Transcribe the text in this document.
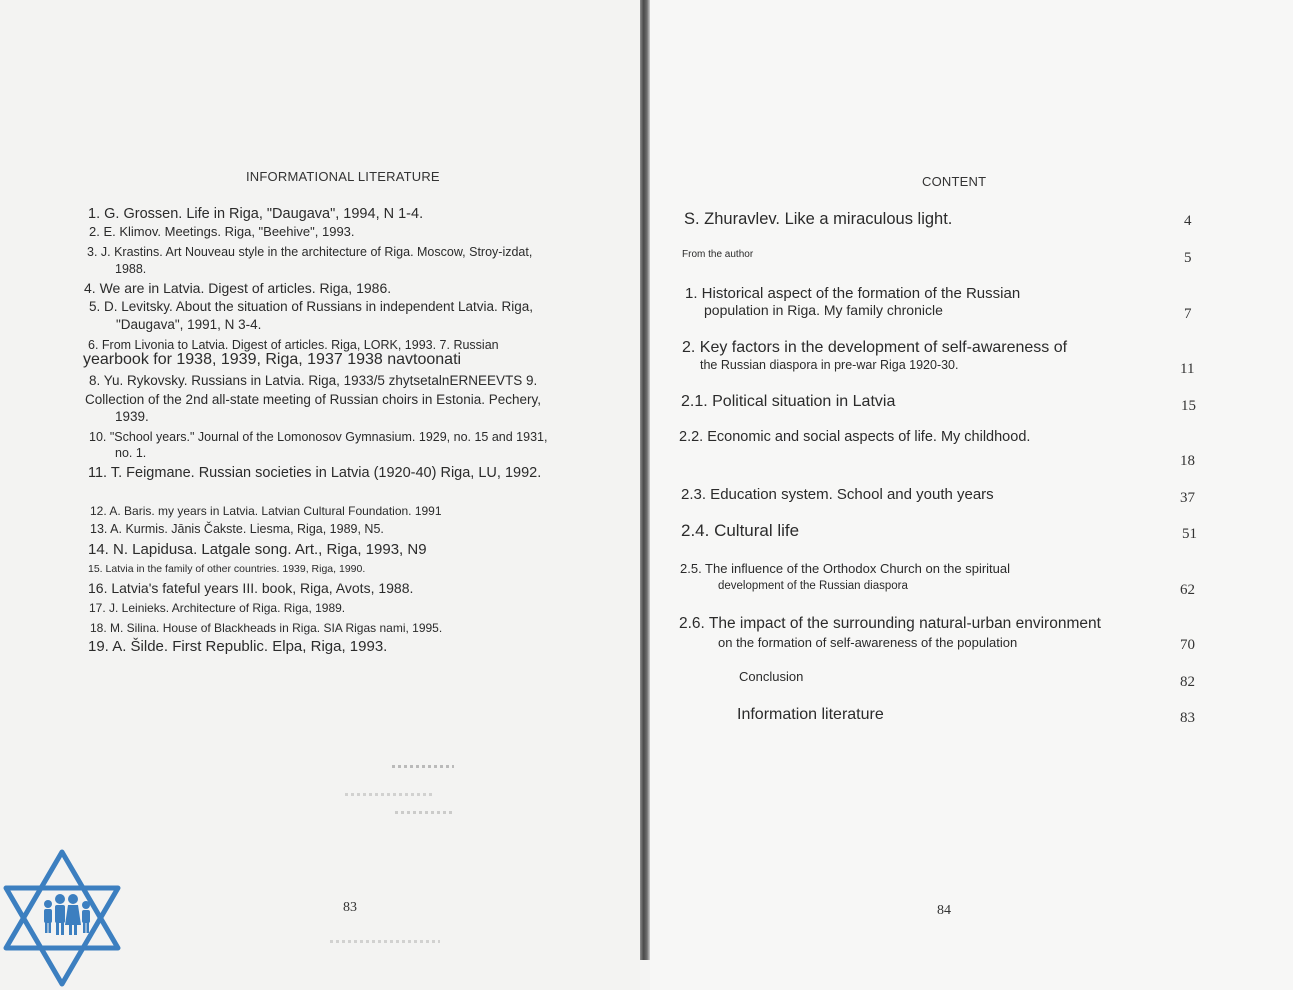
INFORMATIONAL LITERATURE
1. G. Grossen. Life in Riga, "Daugava", 1994, N 1-4.
2. E. Klimov. Meetings. Riga, "Beehive", 1993.
3. J. Krastins. Art Nouveau style in the architecture of Riga. Moscow, Stroy-izdat,
1988.
4. We are in Latvia. Digest of articles. Riga, 1986.
5. D. Levitsky. About the situation of Russians in independent Latvia. Riga,
"Daugava", 1991, N 3-4.
6. From Livonia to Latvia. Digest of articles. Riga, LORK, 1993. 7. Russian
yearbook for 1938, 1939, Riga, 1937 1938 navtoonati
8. Yu. Rykovsky. Russians in Latvia. Riga, 1933/5 zhytsetalnERNEEVTS 9.
Collection of the 2nd all-state meeting of Russian choirs in Estonia. Pechery,
1939.
10. "School years." Journal of the Lomonosov Gymnasium. 1929, no. 15 and 1931,
no. 1.
11. T. Feigmane. Russian societies in Latvia (1920-40) Riga, LU, 1992.
12. A. Baris. my years in Latvia. Latvian Cultural Foundation. 1991
13. A. Kurmis. Jānis Čakste. Liesma, Riga, 1989, N5.
14. N. Lapidusa. Latgale song. Art., Riga, 1993, N9
15. Latvia in the family of other countries. 1939, Riga, 1990.
16. Latvia's fateful years III. book, Riga, Avots, 1988.
17. J. Leinieks. Architecture of Riga. Riga, 1989.
18. M. Silina. House of Blackheads in Riga. SIA Rigas nami, 1995.
19. A. Šilde. First Republic. Elpa, Riga, 1993.
83
CONTENT
S. Zhuravlev. Like a miraculous light.	4
From the author	5
1. Historical aspect of the formation of the Russian
population in Riga. My family chronicle	7
2. Key factors in the development of self-awareness of
the Russian diaspora in pre-war Riga 1920-30.	11
2.1. Political situation in Latvia	15
2.2. Economic and social aspects of life. My childhood.
18
2.3. Education system. School and youth years	37
2.4. Cultural life	51
2.5. The influence of the Orthodox Church on the spiritual
development of the Russian diaspora	62
2.6. The impact of the surrounding natural-urban environment
on the formation of self-awareness of the population	70
Conclusion	82
Information literature	83
84
